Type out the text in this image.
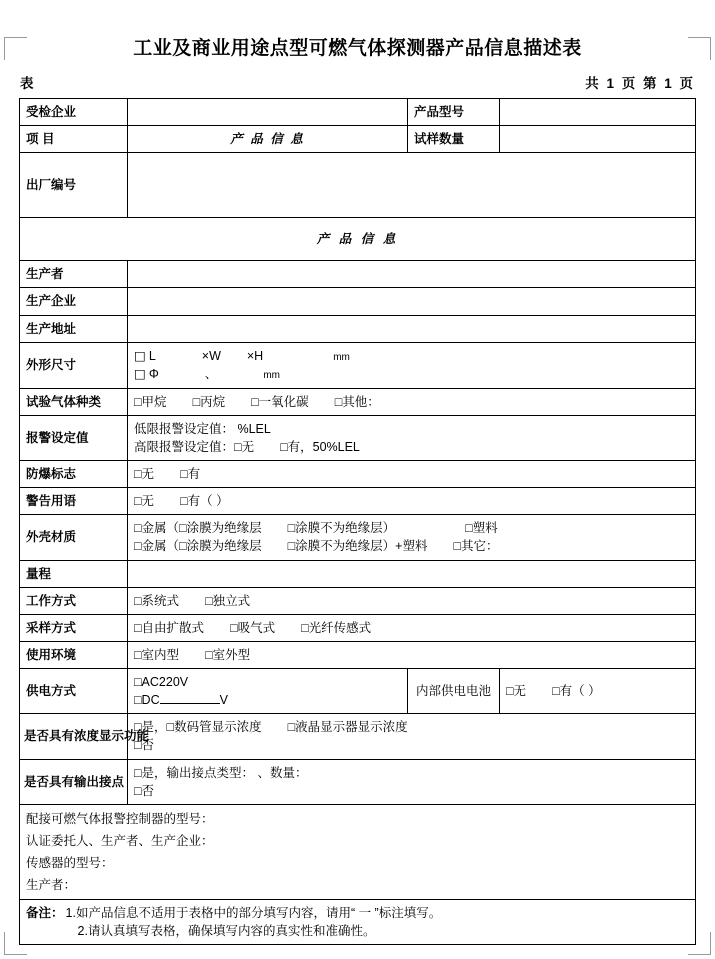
工业及商业用途点型可燃气体探测器产品信息描述表
表	共 1 页 第 1 页
受检企业		产品型号	
项 目	产 品 信 息	试样数量	
出厂编号			
产 品 信 息			
生产者			
生产企业			
生产地址			
外形尺寸	□ L ×W ×H mm
□ Φ 、 mm		

试验气体种类	□甲烷 □丙烷 □一氧化碳 □其他：		
报警设定值	低限报警设定值： %LEL
高限报警设定值：□无 □有，50%LEL		

防爆标志	□无 □有		
警告用语	□无 □有（ ）		
外壳材质	□金属（□涂膜为绝缘层 □涂膜不为绝缘层） □塑料
□金属（□涂膜为绝缘层 □涂膜不为绝缘层）+塑料 □其它：		

量程			
工作方式	□系统式 □独立式		
采样方式	□自由扩散式 □吸气式 □光纤传感式		
使用环境	□室内型 □室外型		
供电方式	□AC220V
□DC V	内部供电电池	□无 □有（ ）
是否具有浓度显示功能	□是，□数码管显示浓度 □液晶显示器显示浓度
□否		

是否具有输出接点	□是，输出接点类型： 、数量：
□否		

配接可燃气体报警控制器的型号：			
认证委托人、生产者、生产企业：			
传感器的型号：			
生产者：			

备注： 1.如产品信息不适用于表格中的部分填写内容，请用“ 一 ”标注填写。
2.请认真填写表格，确保填写内容的真实性和准确性。			
